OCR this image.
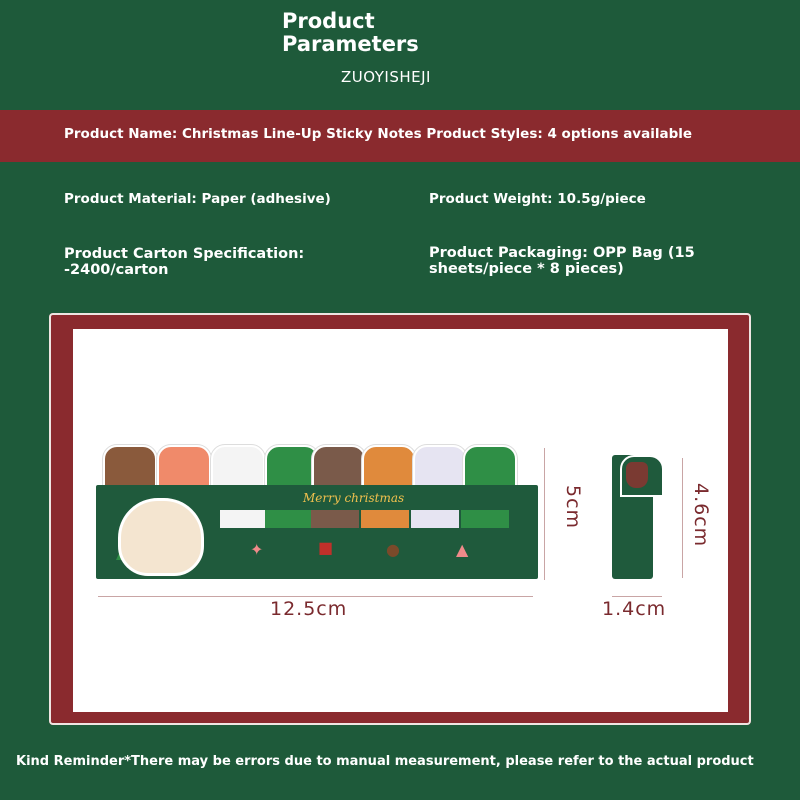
Product Parameters
ZUOYISHEJI
Product Name: Christmas Line-Up Sticky Notes Product Styles: 4 options available
Product Material: Paper (adhesive)	Product Weight: 10.5g/piece
Product Carton Specification: -2400/carton
Product Packaging: OPP Bag (15 sheets/piece * 8 pieces)
Merry christmas
✦	■	●	▲
12.5cm
5cm
1.4cm
4.6cm
Kind Reminder*There may be errors due to manual measurement, please refer to the actual product
